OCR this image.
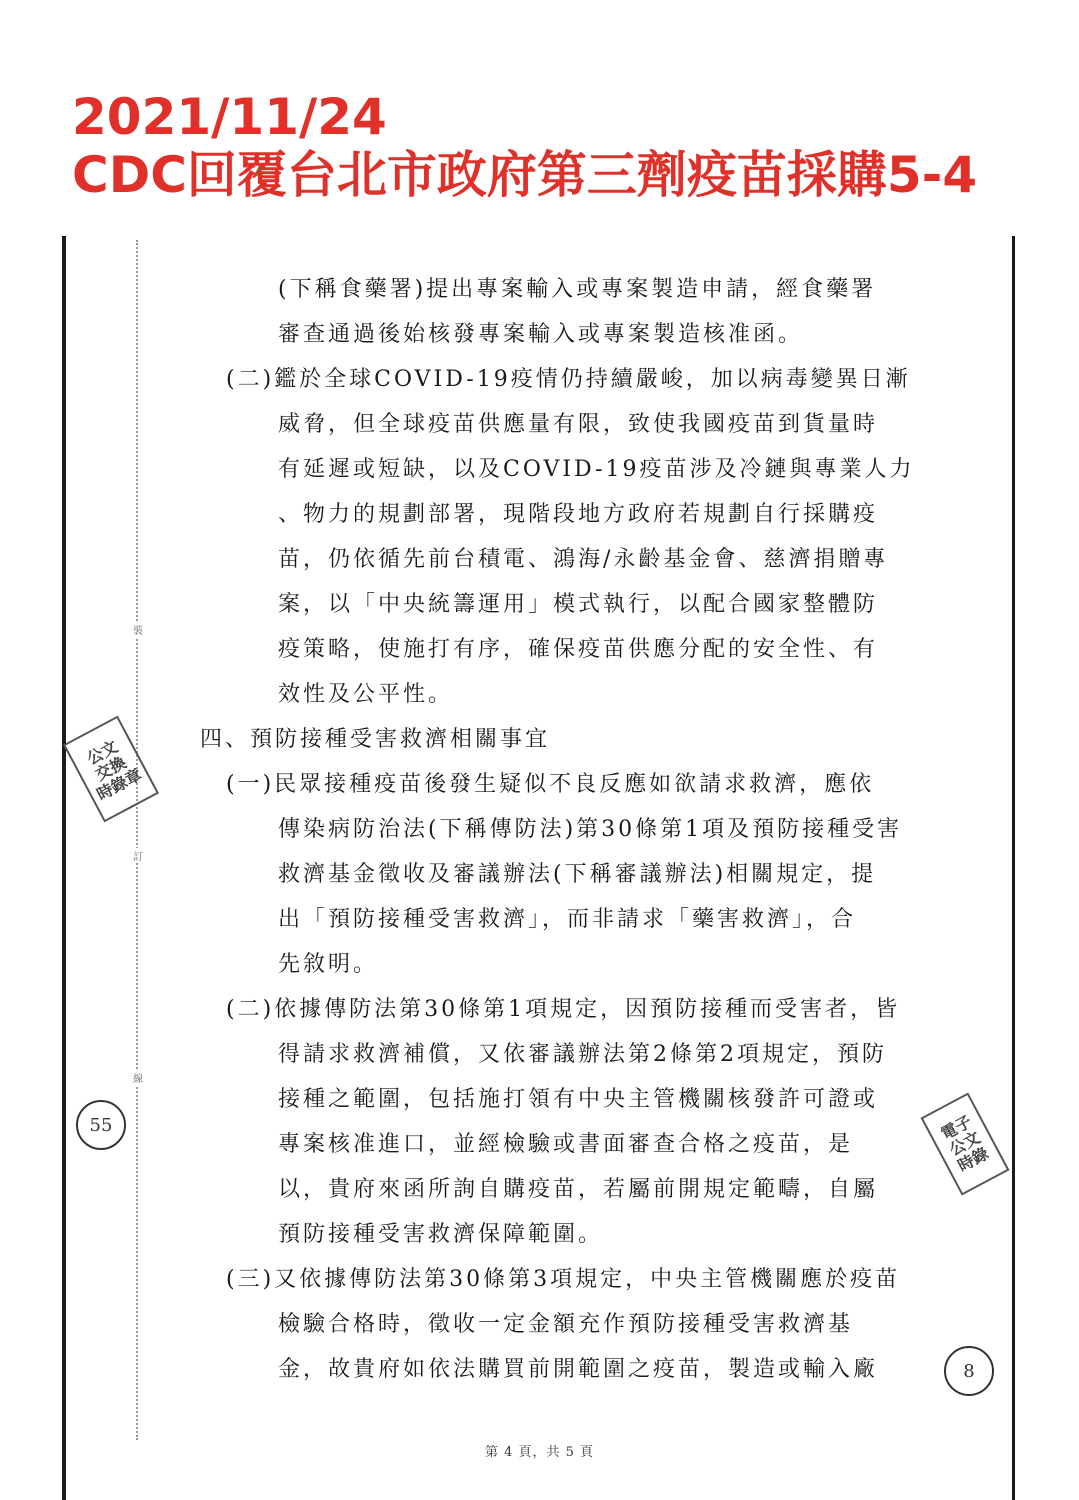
2021/11/24
CDC回覆台北市政府第三劑疫苗採購5-4
裝
訂
線
公文
交換
時錄章
55	電子
公文
時錄
8
(下稱食藥署)提出專案輸入或專案製造申請，經食藥署
審查通過後始核發專案輸入或專案製造核准函。
(二)鑑於全球COVID-19疫情仍持續嚴峻，加以病毒變異日漸
威脅，但全球疫苗供應量有限，致使我國疫苗到貨量時
有延遲或短缺，以及COVID-19疫苗涉及冷鏈與專業人力
、物力的規劃部署，現階段地方政府若規劃自行採購疫
苗，仍依循先前台積電、鴻海/永齡基金會、慈濟捐贈專
案，以「中央統籌運用」模式執行，以配合國家整體防
疫策略，使施打有序，確保疫苗供應分配的安全性、有
效性及公平性。
四、預防接種受害救濟相關事宜
(一)民眾接種疫苗後發生疑似不良反應如欲請求救濟，應依
傳染病防治法(下稱傳防法)第30條第1項及預防接種受害
救濟基金徵收及審議辦法(下稱審議辦法)相關規定，提
出「預防接種受害救濟」，而非請求「藥害救濟」，合
先敘明。
(二)依據傳防法第30條第1項規定，因預防接種而受害者，皆
得請求救濟補償，又依審議辦法第2條第2項規定，預防
接種之範圍，包括施打領有中央主管機關核發許可證或
專案核准進口，並經檢驗或書面審查合格之疫苗，是
以，貴府來函所詢自購疫苗，若屬前開規定範疇，自屬
預防接種受害救濟保障範圍。
(三)又依據傳防法第30條第3項規定，中央主管機關應於疫苗
檢驗合格時，徵收一定金額充作預防接種受害救濟基
金，故貴府如依法購買前開範圍之疫苗，製造或輸入廠
第 4 頁，共 5 頁
